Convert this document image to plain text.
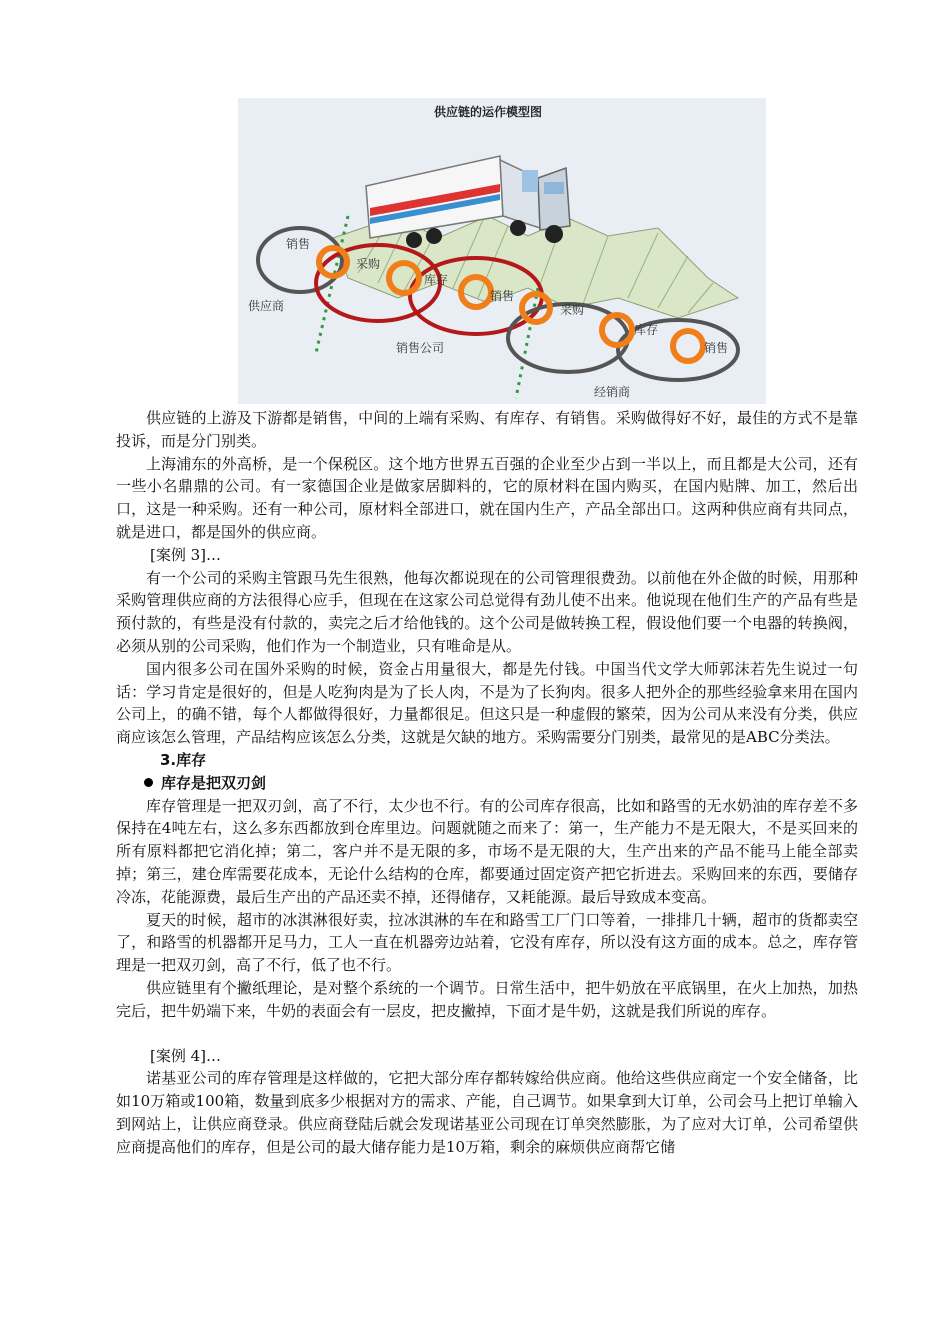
供应链的运作模型图
销售
采购
库存
销售
采购
库存
销售
供应商
销售公司
经销商

供应链的上游及下游都是销售，中间的上端有采购、有库存、有销售。采购做得好不好，最佳的方式不是靠投诉，而是分门别类。

上海浦东的外高桥，是一个保税区。这个地方世界五百强的企业至少占到一半以上，而且都是大公司，还有一些小名鼎鼎的公司。有一家德国企业是做家居脚料的，它的原材料在国内购买，在国内贴牌、加工，然后出口，这是一种采购。还有一种公司，原材料全部进口，就在国内生产，产品全部出口。这两种供应商有共同点，就是进口，都是国外的供应商。

[案例 3]…

有一个公司的采购主管跟马先生很熟，他每次都说现在的公司管理很费劲。以前他在外企做的时候，用那种采购管理供应商的方法很得心应手，但现在在这家公司总觉得有劲儿使不出来。他说现在他们生产的产品有些是预付款的，有些是没有付款的，卖完之后才给他钱的。这个公司是做转换工程，假设他们要一个电器的转换阀，必须从别的公司采购，他们作为一个制造业，只有唯命是从。

国内很多公司在国外采购的时候，资金占用量很大，都是先付钱。中国当代文学大师郭沫若先生说过一句话：学习肯定是很好的，但是人吃狗肉是为了长人肉，不是为了长狗肉。很多人把外企的那些经验拿来用在国内公司上，的确不错，每个人都做得很好，力量都很足。但这只是一种虚假的繁荣，因为公司从来没有分类，供应商应该怎么管理，产品结构应该怎么分类，这就是欠缺的地方。采购需要分门别类，最常见的是ABC分类法。

3.库存

库存是把双刃剑

库存管理是一把双刃剑，高了不行，太少也不行。有的公司库存很高，比如和路雪的无水奶油的库存差不多保持在4吨左右，这么多东西都放到仓库里边。问题就随之而来了：第一，生产能力不是无限大，不是买回来的所有原料都把它消化掉；第二，客户并不是无限的多，市场不是无限的大，生产出来的产品不能马上能全部卖掉；第三，建仓库需要花成本，无论什么结构的仓库，都要通过固定资产把它折进去。采购回来的东西，要储存冷冻，花能源费，最后生产出的产品还卖不掉，还得储存，又耗能源。最后导致成本变高。

夏天的时候，超市的冰淇淋很好卖，拉冰淇淋的车在和路雪工厂门口等着，一排排几十辆，超市的货都卖空了，和路雪的机器都开足马力，工人一直在机器旁边站着，它没有库存，所以没有这方面的成本。总之，库存管理是一把双刃剑，高了不行，低了也不行。

供应链里有个撇纸理论，是对整个系统的一个调节。日常生活中，把牛奶放在平底锅里，在火上加热，加热完后，把牛奶端下来，牛奶的表面会有一层皮，把皮撇掉，下面才是牛奶，这就是我们所说的库存。

[案例 4]…

诺基亚公司的库存管理是这样做的，它把大部分库存都转嫁给供应商。他给这些供应商定一个安全储备，比如10万箱或100箱，数量到底多少根据对方的需求、产能，自己调节。如果拿到大订单，公司会马上把订单输入到网站上，让供应商登录。供应商登陆后就会发现诺基亚公司现在订单突然膨胀，为了应对大订单，公司希望供应商提高他们的库存，但是公司的最大储存能力是10万箱，剩余的麻烦供应商帮它储
